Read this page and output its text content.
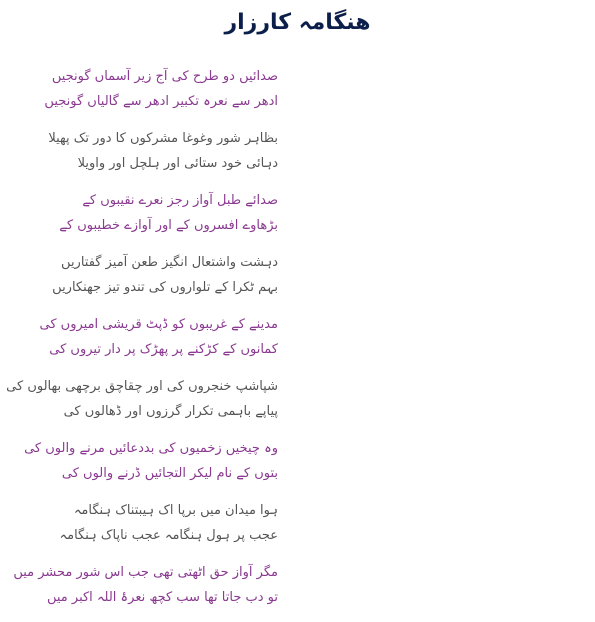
هنگامہ کارزار
صدائیں دو طرح کی آج زیر آسماں گونجیں
ادھر سے نعرہ تکبیر ادھر سے گالیاں گونجیں
بظاہر شور وغوغا مشرکوں کا دور تک پھیلا
دہائی خود ستائی اور ہلچل اور واویلا
صدائے طبل آواز رجز نعرے نقیبوں کے
بڑھاوے افسروں کے اور آوازے خطیبوں کے
دہشت واشتعال انگیز طعن آمیز گفتاریں
بہم ٹکرا کے تلواروں کی تندو تیز جھنکاریں
مدینے کے غریبوں کو ڈپٹ قریشی امیروں کی
کمانوں کے کڑکنے پر پھڑک پر دار تیروں کی
شپاشپ خنجروں کی اور چقاچق برچھی بھالوں کی
پیاپے باہمی تکرار گرزوں اور ڈھالوں کی
وہ چیخیں زخمیوں کی بددعائیں مرنے والوں کی
بتوں کے نام لیکر التجائیں ڈرنے والوں کی
ہوا میدان میں برپا اک ہیبتناک ہنگامہ
عجب پر ہول ہنگامہ عجب ناپاک ہنگامہ
مگر آواز حق اٹھتی تھی جب اس شور محشر میں
تو دب جاتا تھا سب کچھ نعرۂ اللہ اکبر میں
